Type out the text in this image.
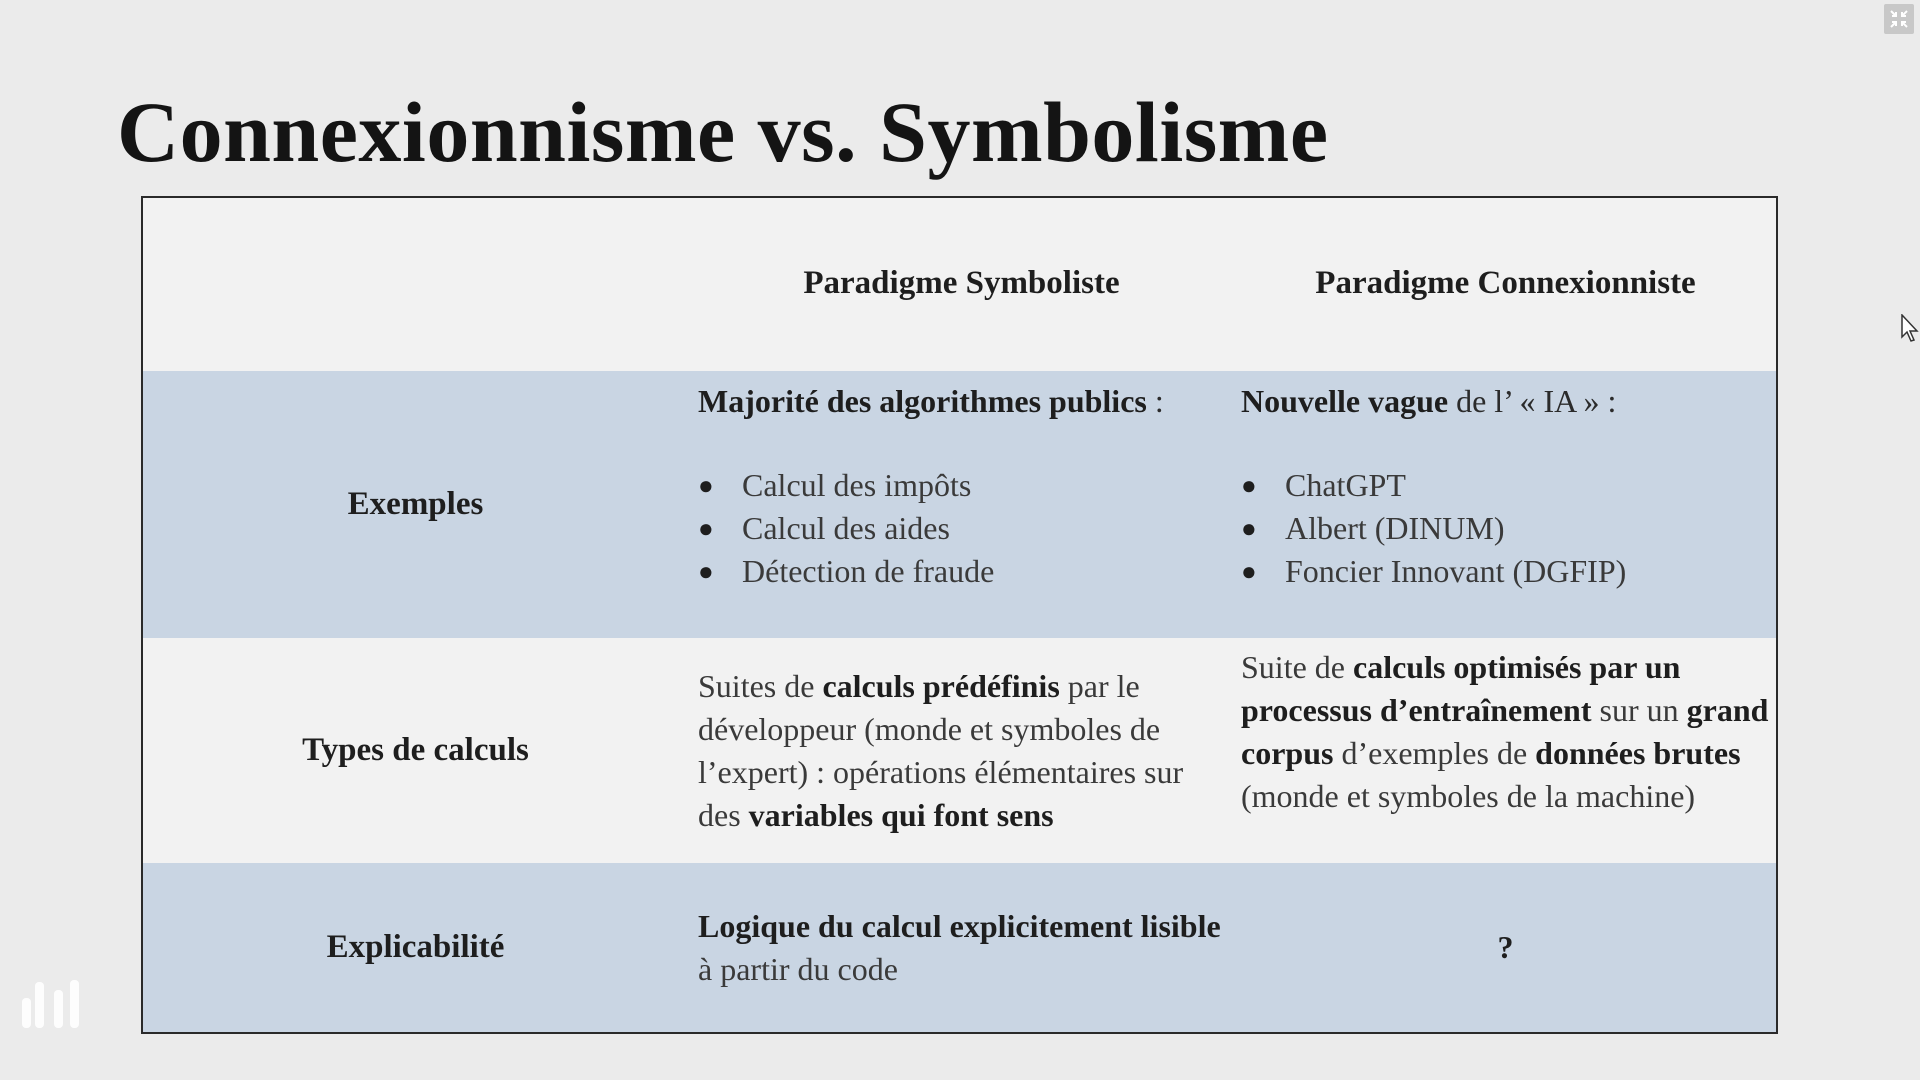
Connexionnisme vs. Symbolisme
Paradigme Symboliste	Paradigme Connexionniste
Exemples
Majorité des algorithmes publics :
● Calcul des impôts
● Calcul des aides
● Détection de fraude
Nouvelle vague de l’ « IA » :
● ChatGPT
● Albert (DINUM)
● Foncier Innovant (DGFIP)
Types de calculs
Suites de calculs prédéfinis par le développeur (monde et symboles de l’expert) : opérations élémentaires sur des variables qui font sens
Suite de calculs optimisés par un processus d’entraînement sur un grand corpus d’exemples de données brutes (monde et symboles de la machine)
Explicabilité
Logique du calcul explicitement lisible à partir du code
?
